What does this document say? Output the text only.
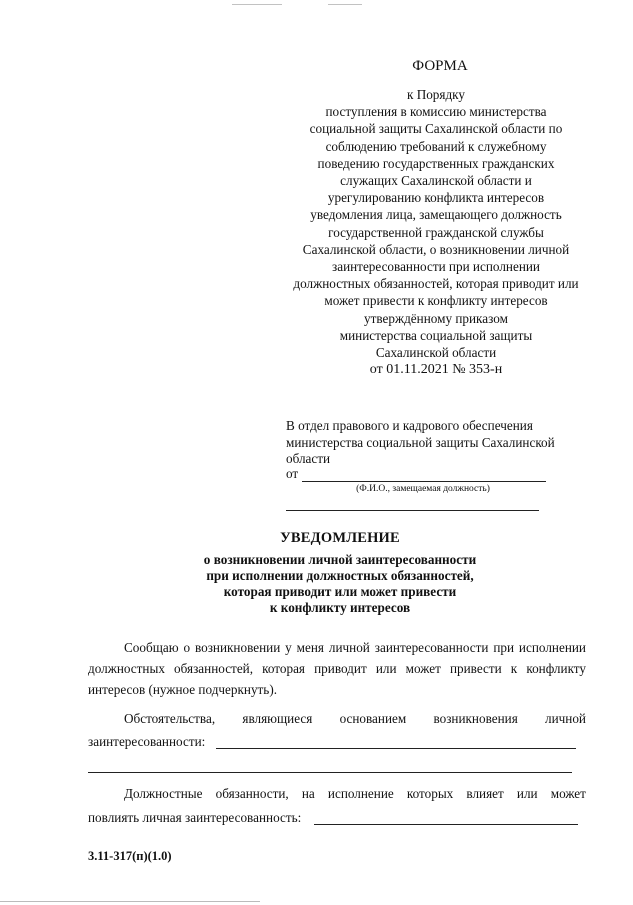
ФОРМА
к Порядку
поступления в комиссию министерства
социальной защиты Сахалинской области по
соблюдению требований к служебному
поведению государственных гражданских
служащих Сахалинской области и
урегулированию конфликта интересов
уведомления лица, замещающего должность
государственной гражданской службы
Сахалинской области, о возникновении личной
заинтересованности при исполнении
должностных обязанностей, которая приводит или
может привести к конфликту интересов
утверждённому приказом
министерства социальной защиты
Сахалинской области
от 01.11.2021 № 353-н
В отдел правового и кадрового обеспечения
министерства социальной защиты Сахалинской
области
от
(Ф.И.О., замещаемая должность)
УВЕДОМЛЕНИЕ
о возникновении личной заинтересованности
при исполнении должностных обязанностей,
которая приводит или может привести
к конфликту интересов
Сообщаю о возникновении у меня личной заинтересованности при исполнении должностных обязанностей, которая приводит или может привести к конфликту интересов (нужное подчеркнуть).
Обстоятельства, являющиеся основанием возникновения личной
заинтересованности:
Должностные обязанности, на исполнение которых влияет или может
повлиять личная заинтересованность:
3.11-317(п)(1.0)
